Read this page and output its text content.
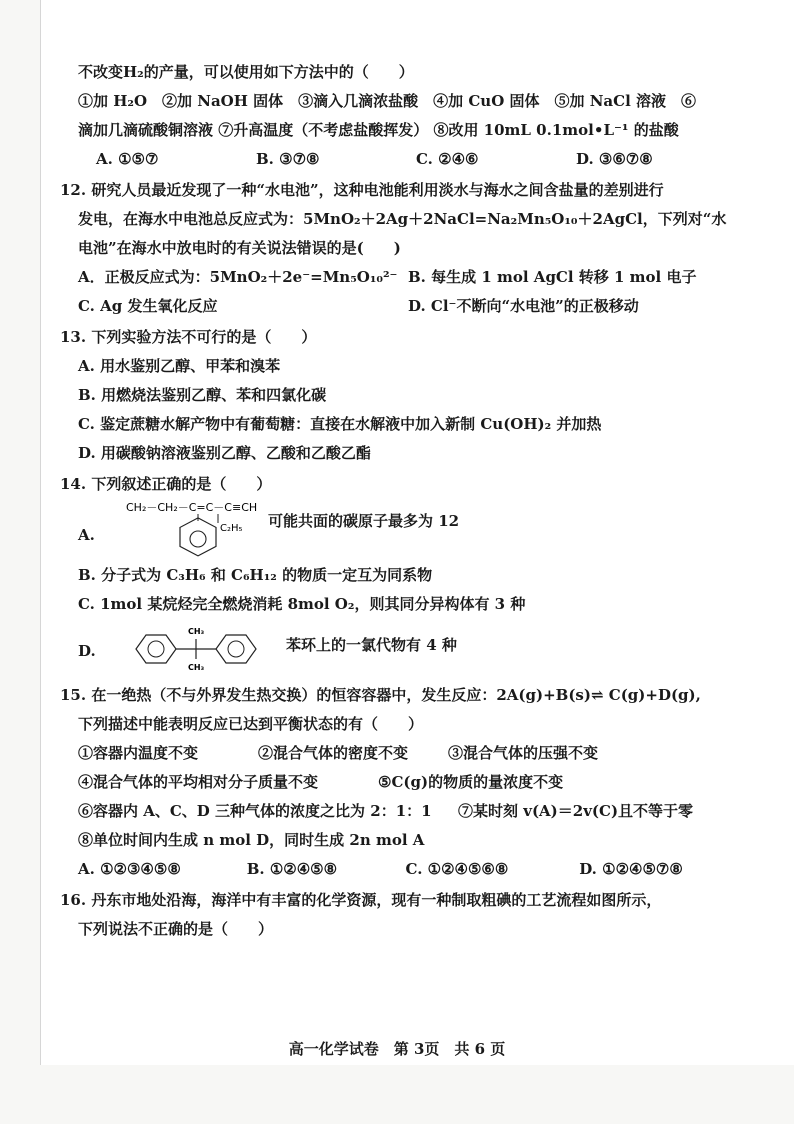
不改变H₂的产量，可以使用如下方法中的（　　）
①加 H₂O　②加 NaOH 固体　③滴入几滴浓盐酸　④加 CuO 固体　⑤加 NaCl 溶液　⑥
滴加几滴硫酸铜溶液 ⑦升高温度（不考虑盐酸挥发） ⑧改用 10mL 0.1mol•L⁻¹ 的盐酸
A. ①⑤⑦	B. ③⑦⑧	C. ②④⑥	D. ③⑥⑦⑧
12. 研究人员最近发现了一种“水电池”，这种电池能利用淡水与海水之间含盐量的差别进行
发电，在海水中电池总反应式为：5MnO₂＋2Ag＋2NaCl=Na₂Mn₅O₁₀＋2AgCl，下列对“水
电池”在海水中放电时的有关说法错误的是(　　)
A．正极反应式为：5MnO₂＋2e⁻=Mn₅O₁₀²⁻ B. 每生成 1 mol AgCl 转移 1 mol 电子
C. Ag 发生氧化反应	D. Cl⁻不断向“水电池”的正极移动
13. 下列实验方法不可行的是（　　）
A. 用水鉴别乙醇、甲苯和溴苯
B. 用燃烧法鉴别乙醇、苯和四氯化碳
C. 鉴定蔗糖水解产物中有葡萄糖：直接在水解液中加入新制 Cu(OH)₂ 并加热
D. 用碳酸钠溶液鉴别乙醇、乙酸和乙酸乙酯
14. 下列叙述正确的是（　　）
A.
CH₂－CH₂－C=C－C≡CH
C₂H₅ 可能共面的碳原子最多为 12
B. 分子式为 C₃H₆ 和 C₆H₁₂ 的物质一定互为同系物
C. 1mol 某烷烃完全燃烧消耗 8mol O₂，则其同分异构体有 3 种
D.
CH₃
CH₃
苯环上的一氯代物有 4 种
15. 在一绝热（不与外界发生热交换）的恒容容器中，发生反应：2A(g)+B(s)⇌ C(g)+D(g),
下列描述中能表明反应已达到平衡状态的有（　　）
①容器内温度不变	②混合气体的密度不变	③混合气体的压强不变
④混合气体的平均相对分子质量不变	⑤C(g)的物质的量浓度不变
⑥容器内 A、C、D 三种气体的浓度之比为 2：1：1	⑦某时刻 v(A)＝2v(C)且不等于零
⑧单位时间内生成 n mol D，同时生成 2n mol A
A. ①②③④⑤⑧	B. ①②④⑤⑧	C. ①②④⑤⑥⑧	D. ①②④⑤⑦⑧
16. 丹东市地处沿海，海洋中有丰富的化学资源，现有一种制取粗碘的工艺流程如图所示，
下列说法不正确的是（　　）
高一化学试卷　第 3页　共 6 页
